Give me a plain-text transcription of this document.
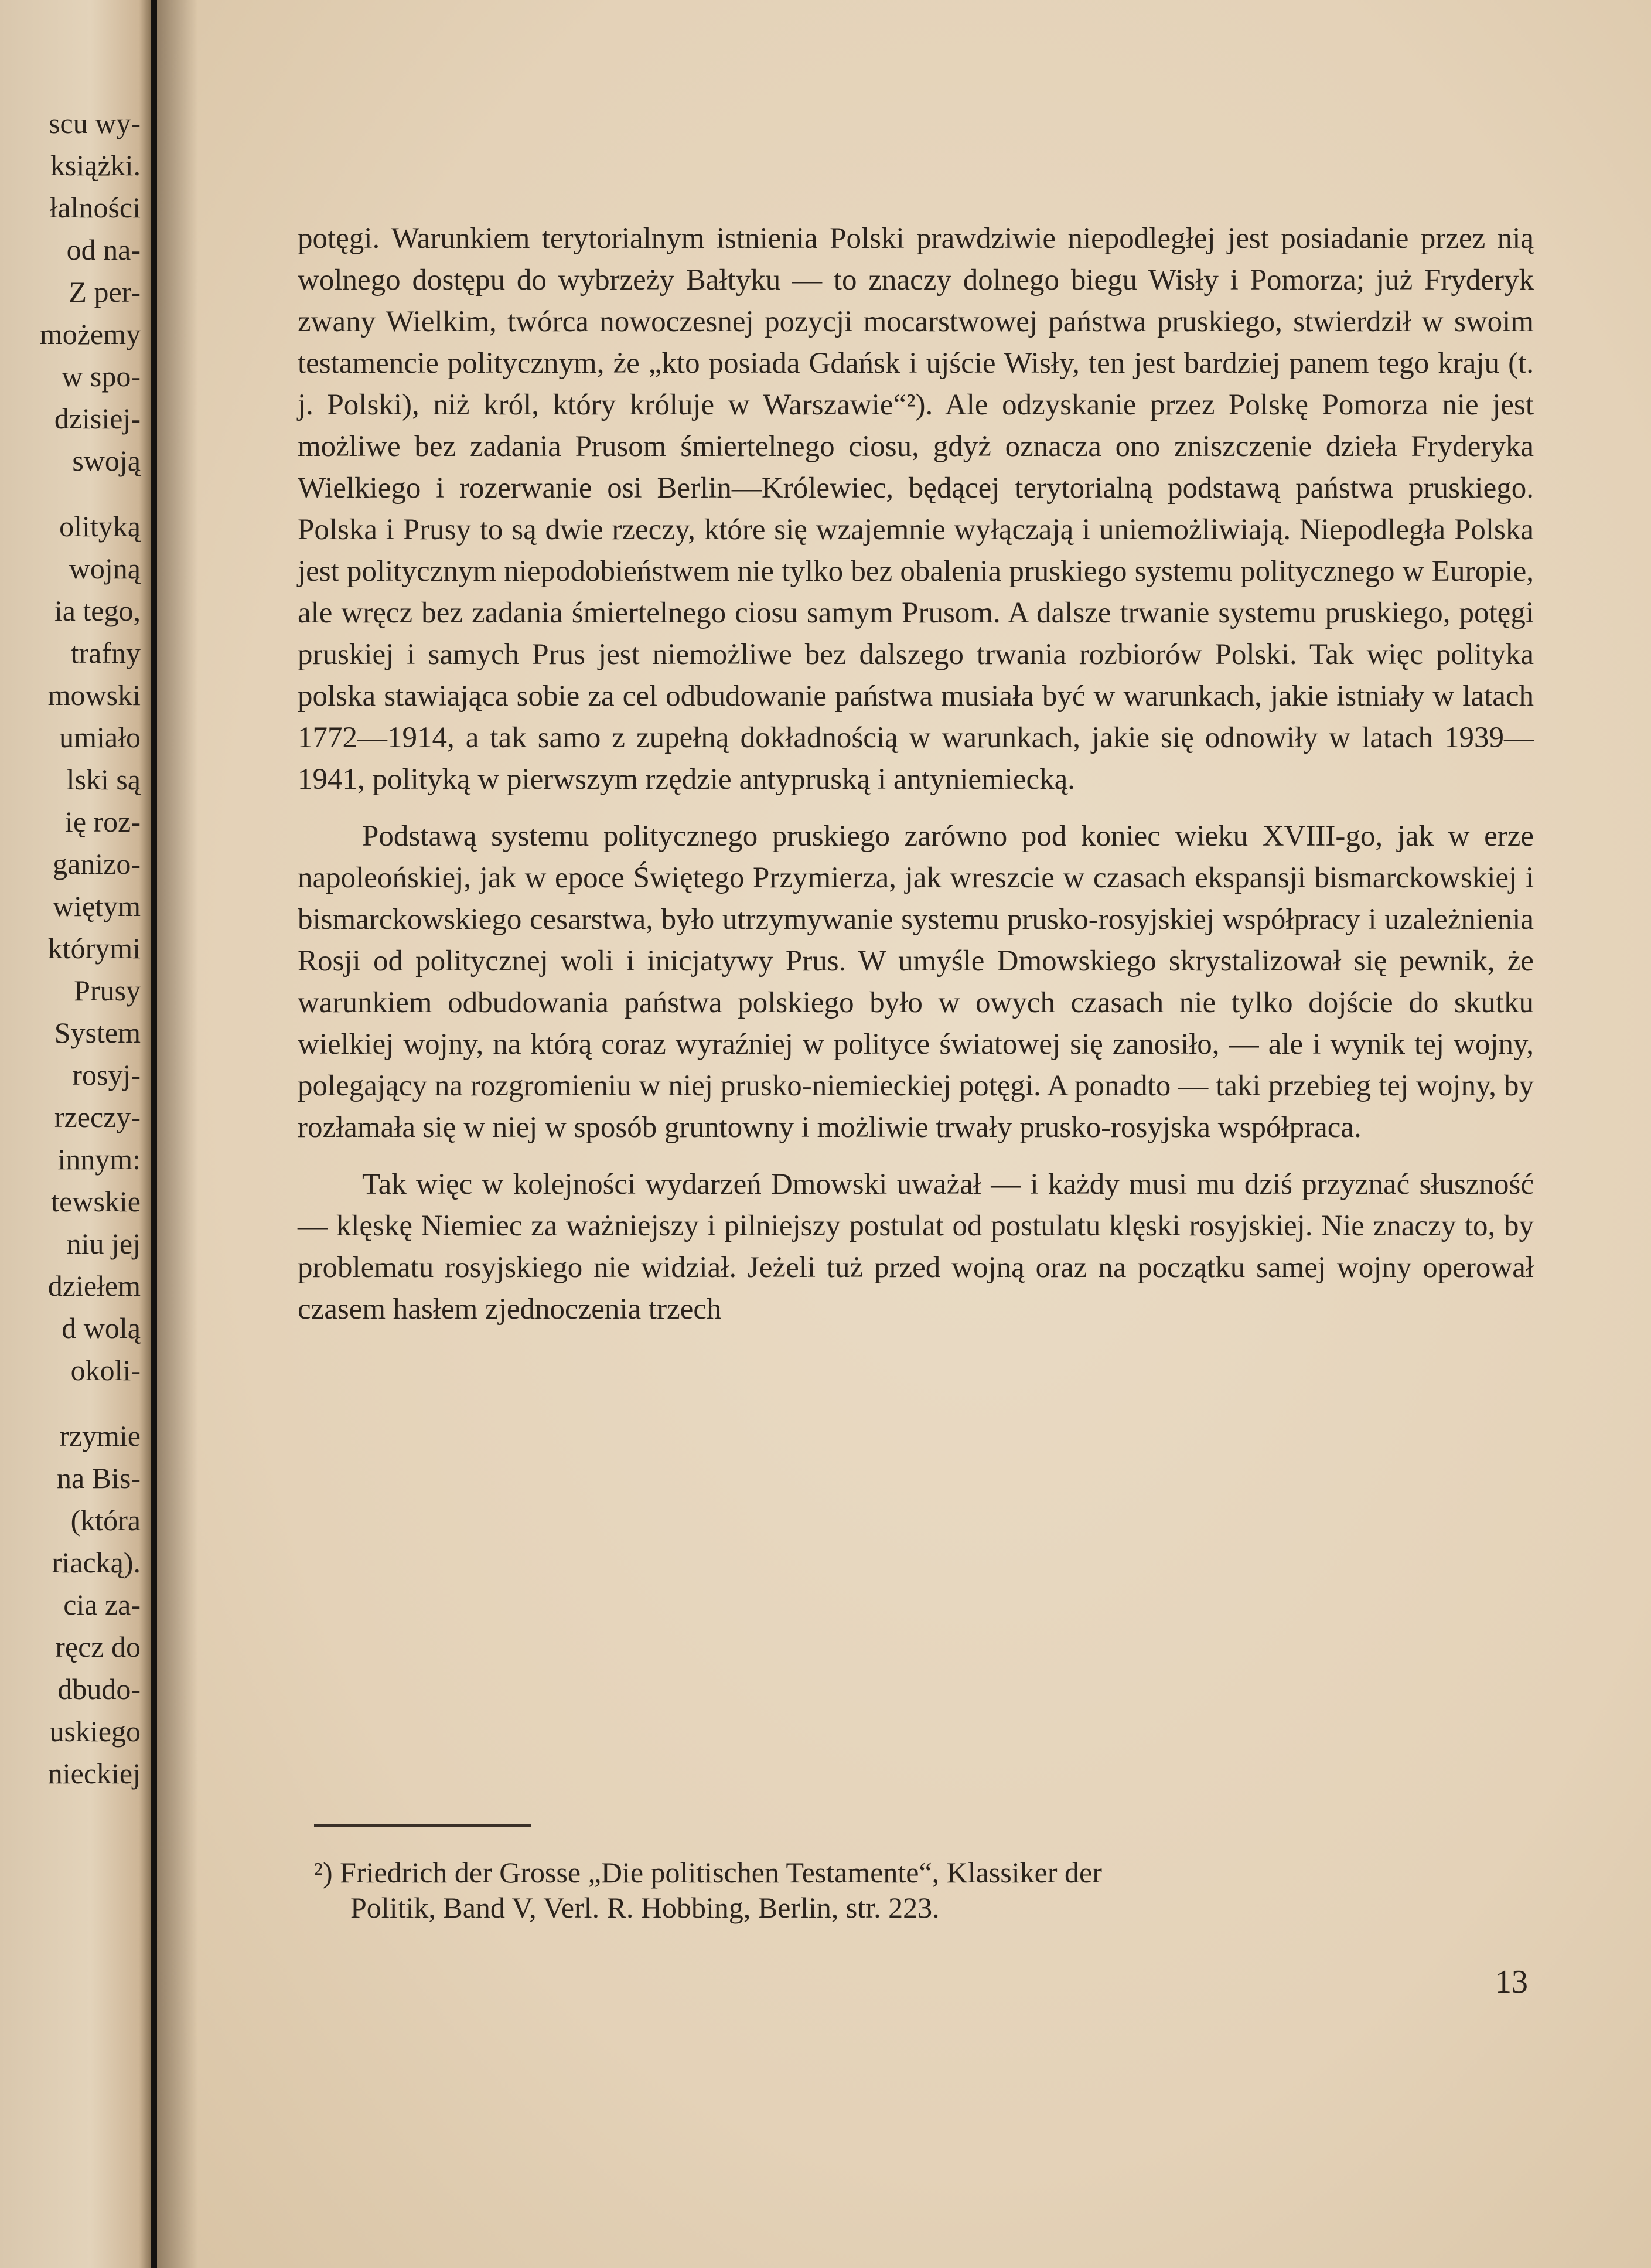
scu wy-
książki.
łalności
od na-
Z per-
możemy
w spo-
dzisiej-
swoją
olityką
wojną
ia tego,
trafny
mowski
umiało
lski są
ię roz-
ganizo-
więtym
którymi
Prusy
System
rosyj-
rzeczy-
innym:
tewskie
niu jej
dziełem
d wolą
okoli-
rzymie
na Bis-
(która
riacką).
cia za-
ręcz do
dbudo-
uskiego
nieckiej

potęgi. Warunkiem terytorialnym istnienia Polski prawdziwie niepodległej jest posiadanie przez nią wolnego dostępu do wybrzeży Bałtyku — to znaczy dolnego biegu Wisły i Pomorza; już Fryderyk zwany Wielkim, twórca nowoczesnej pozycji mocarstwowej państwa pruskiego, stwierdził w swoim testamencie politycznym, że „kto posiada Gdańsk i ujście Wisły, ten jest bardziej panem tego kraju (t. j. Polski), niż król, który króluje w Warszawie“²). Ale odzyskanie przez Polskę Pomorza nie jest możliwe bez zadania Prusom śmiertelnego ciosu, gdyż oznacza ono zniszczenie dzieła Fryderyka Wielkiego i rozerwanie osi Berlin—Królewiec, będącej terytorialną podstawą państwa pruskiego. Polska i Prusy to są dwie rzeczy, które się wzajemnie wyłączają i uniemożliwiają. Niepodległa Polska jest politycznym niepodobieństwem nie tylko bez obalenia pruskiego systemu politycznego w Europie, ale wręcz bez zadania śmiertelnego ciosu samym Prusom. A dalsze trwanie systemu pruskiego, potęgi pruskiej i samych Prus jest niemożliwe bez dalszego trwania rozbiorów Polski. Tak więc polityka polska stawiająca sobie za cel odbudowanie państwa musiała być w warunkach, jakie istniały w latach 1772—1914, a tak samo z zupełną dokładnością w warunkach, jakie się odnowiły w latach 1939—1941, polityką w pierwszym rzędzie antypruską i antyniemiecką.

Podstawą systemu politycznego pruskiego zarówno pod koniec wieku XVIII-go, jak w erze napoleońskiej, jak w epoce Świętego Przymierza, jak wreszcie w czasach ekspansji bismarckowskiej i bismarckowskiego cesarstwa, było utrzymywanie systemu prusko-rosyjskiej współpracy i uzależnienia Rosji od politycznej woli i inicjatywy Prus. W umyśle Dmowskiego skrystalizował się pewnik, że warunkiem odbudowania państwa polskiego było w owych czasach nie tylko dojście do skutku wielkiej wojny, na którą coraz wyraźniej w polityce światowej się zanosiło, — ale i wynik tej wojny, polegający na rozgromieniu w niej prusko-niemieckiej potęgi. A ponadto — taki przebieg tej wojny, by rozłamała się w niej w sposób gruntowny i możliwie trwały prusko-rosyjska współpraca.

Tak więc w kolejności wydarzeń Dmowski uważał — i każdy musi mu dziś przyznać słuszność — klęskę Niemiec za ważniejszy i pilniejszy postulat od postulatu klęski rosyjskiej. Nie znaczy to, by problematu rosyjskiego nie widział. Jeżeli tuż przed wojną oraz na początku samej wojny operował czasem hasłem zjednoczenia trzech

²) Friedrich der Grosse „Die politischen Testamente“, Klassiker der
Politik, Band V, Verl. R. Hobbing, Berlin, str. 223.
13
